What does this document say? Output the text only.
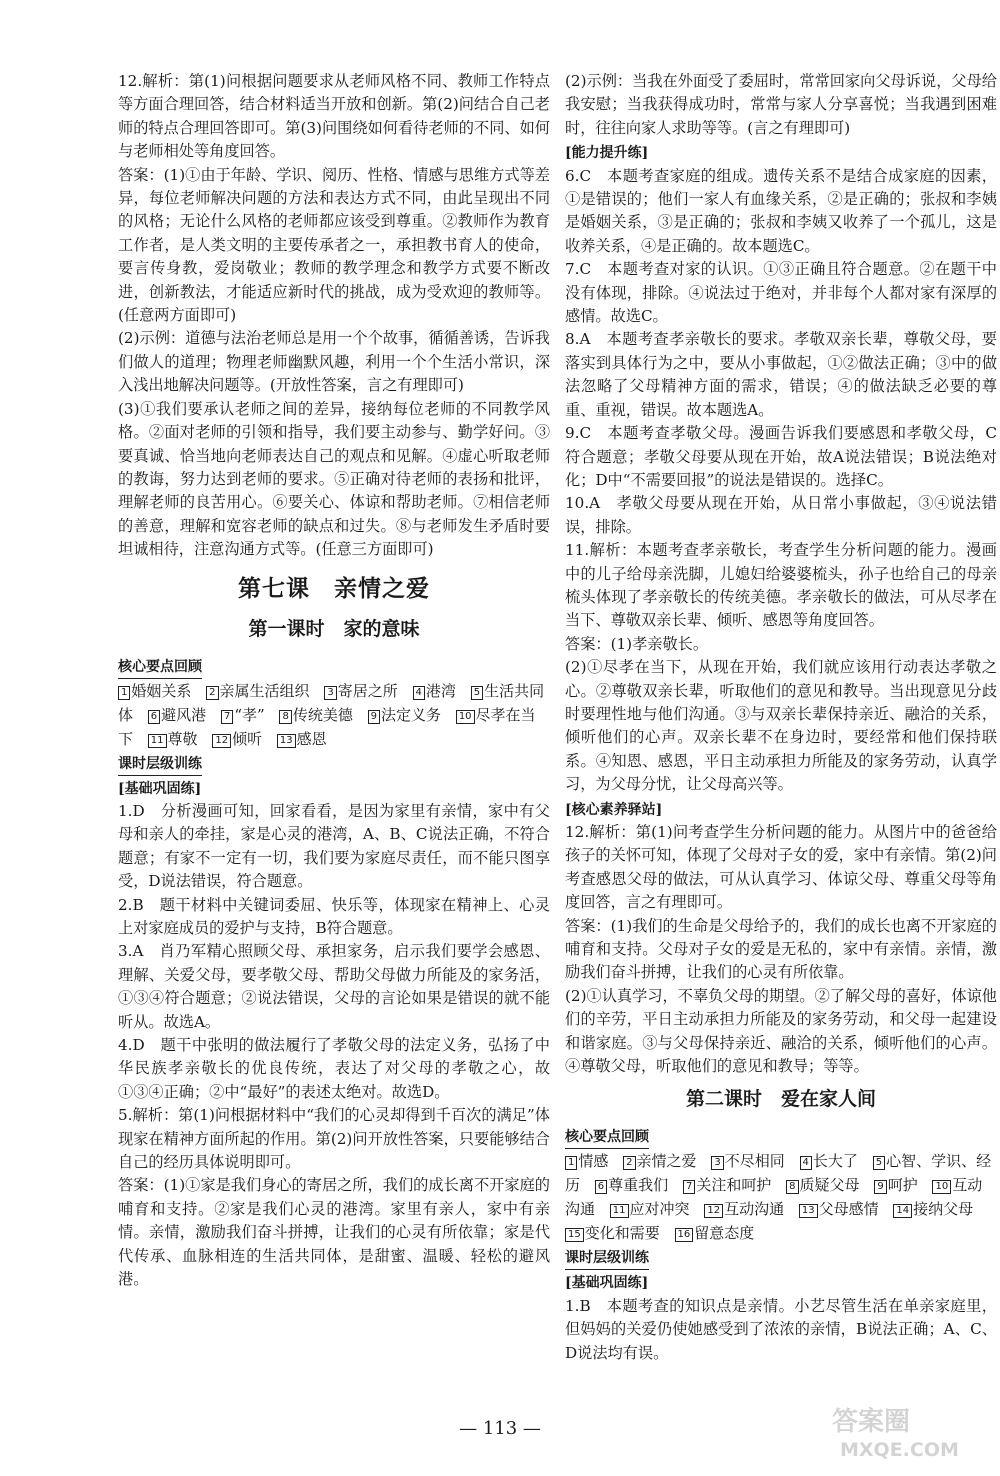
12.解析：第(1)问根据问题要求从老师风格不同、教师工作特点等方面合理回答，结合材料适当开放和创新。第(2)问结合自己老师的特点合理回答即可。第(3)问围绕如何看待老师的不同、如何与老师相处等角度回答。

答案：(1)①由于年龄、学识、阅历、性格、情感与思维方式等差异，每位老师解决问题的方法和表达方式不同，由此呈现出不同的风格；无论什么风格的老师都应该受到尊重。②教师作为教育工作者，是人类文明的主要传承者之一，承担教书育人的使命，要言传身教，爱岗敬业；教师的教学理念和教学方式要不断改进，创新教法，才能适应新时代的挑战，成为受欢迎的教师等。(任意两方面即可)

(2)示例：道德与法治老师总是用一个个故事，循循善诱，告诉我们做人的道理；物理老师幽默风趣，利用一个个生活小常识，深入浅出地解决问题等。(开放性答案，言之有理即可)

(3)①我们要承认老师之间的差异，接纳每位老师的不同教学风格。②面对老师的引领和指导，我们要主动参与、勤学好问。③要真诚、恰当地向老师表达自己的观点和见解。④虚心听取老师的教诲，努力达到老师的要求。⑤正确对待老师的表扬和批评，理解老师的良苦用心。⑥要关心、体谅和帮助老师。⑦相信老师的善意，理解和宽容老师的缺点和过失。⑧与老师发生矛盾时要坦诚相待，注意沟通方式等。(任意三方面即可)

第七课　亲情之爱
第一课时　家的意味
核心要点回顾
1 婚姻关系 2 亲属生活组织 3 寄居之所 4 港湾 5 生活共同体 6 避风港 7 “孝” 8 传统美德 9 法定义务 10 尽孝在当下 11 尊敬 12 倾听 13 感恩
课时层级训练
[基础巩固练]

1.D　分析漫画可知，回家看看，是因为家里有亲情，家中有父母和亲人的牵挂，家是心灵的港湾，A、B、C说法正确，不符合题意；有家不一定有一切，我们要为家庭尽责任，而不能只图享受，D说法错误，符合题意。

2.B　题干材料中关键词委屈、快乐等，体现家在精神上、心灵上对家庭成员的爱护与支持，B符合题意。

3.A　肖乃军精心照顾父母、承担家务，启示我们要学会感恩、理解、关爱父母，要孝敬父母、帮助父母做力所能及的家务活，①③④符合题意；②说法错误，父母的言论如果是错误的就不能听从。故选A。

4.D　题干中张明的做法履行了孝敬父母的法定义务，弘扬了中华民族孝亲敬长的优良传统，表达了对父母的孝敬之心，故①③④正确；②中“最好”的表述太绝对。故选D。

5.解析：第(1)问根据材料中“我们的心灵却得到千百次的满足”体现家在精神方面所起的作用。第(2)问开放性答案，只要能够结合自己的经历具体说明即可。

答案：(1)①家是我们身心的寄居之所，我们的成长离不开家庭的哺育和支持。②家是我们心灵的港湾。家里有亲人，家中有亲情。亲情，激励我们奋斗拼搏，让我们的心灵有所依靠；家是代代传承、血脉相连的生活共同体，是甜蜜、温暖、轻松的避风港。

(2)示例：当我在外面受了委屈时，常常回家向父母诉说，父母给我安慰；当我获得成功时，常常与家人分享喜悦；当我遇到困难时，往往向家人求助等等。(言之有理即可)

[能力提升练]

6.C　本题考查家庭的组成。遗传关系不是结合成家庭的因素，①是错误的；他们一家人有血缘关系，②是正确的；张叔和李姨是婚姻关系，③是正确的；张叔和李姨又收养了一个孤儿，这是收养关系，④是正确的。故本题选C。

7.C　本题考查对家的认识。①③正确且符合题意。②在题干中没有体现，排除。④说法过于绝对，并非每个人都对家有深厚的感情。故选C。

8.A　本题考查孝亲敬长的要求。孝敬双亲长辈，尊敬父母，要落实到具体行为之中，要从小事做起，①②做法正确；③中的做法忽略了父母精神方面的需求，错误；④的做法缺乏必要的尊重、重视，错误。故本题选A。

9.C　本题考查孝敬父母。漫画告诉我们要感恩和孝敬父母，C符合题意；孝敬父母要从现在开始，故A说法错误；B说法绝对化；D中“不需要回报”的说法是错误的。选择C。

10.A　孝敬父母要从现在开始，从日常小事做起，③④说法错误，排除。

11.解析：本题考查孝亲敬长，考查学生分析问题的能力。漫画中的儿子给母亲洗脚，儿媳妇给婆婆梳头，孙子也给自己的母亲梳头体现了孝亲敬长的传统美德。孝亲敬长的做法，可从尽孝在当下、尊敬双亲长辈、倾听、感恩等角度回答。

答案：(1)孝亲敬长。

(2)①尽孝在当下，从现在开始，我们就应该用行动表达孝敬之心。②尊敬双亲长辈，听取他们的意见和教导。当出现意见分歧时要理性地与他们沟通。③与双亲长辈保持亲近、融洽的关系，倾听他们的心声。双亲长辈不在身边时，要经常和他们保持联系。④知恩、感恩，平日主动承担力所能及的家务劳动，认真学习，为父母分忧，让父母高兴等。

[核心素养驿站]

12.解析：第(1)问考查学生分析问题的能力。从图片中的爸爸给孩子的关怀可知，体现了父母对子女的爱，家中有亲情。第(2)问考查感恩父母的做法，可从认真学习、体谅父母、尊重父母等角度回答，言之有理即可。

答案：(1)我们的生命是父母给予的，我们的成长也离不开家庭的哺育和支持。父母对子女的爱是无私的，家中有亲情。亲情，激励我们奋斗拼搏，让我们的心灵有所依靠。

(2)①认真学习，不辜负父母的期望。②了解父母的喜好，体谅他们的辛劳，平日主动承担力所能及的家务劳动，和父母一起建设和谐家庭。③与父母保持亲近、融洽的关系，倾听他们的心声。④尊敬父母，听取他们的意见和教导；等等。

第二课时　爱在家人间
核心要点回顾
1 情感 2 亲情之爱 3 不尽相同 4 长大了 5 心智、学识、经历 6 尊重我们 7 关注和呵护 8 质疑父母 9 呵护 10 互动沟通 11 应对冲突 12 互动沟通 13 父母感情 14 接纳父母 15 变化和需要 16 留意态度
课时层级训练
[基础巩固练]

1.B　本题考查的知识点是亲情。小艺尽管生活在单亲家庭里，但妈妈的关爱仍使她感受到了浓浓的亲情，B说法正确；A、C、D说法均有误。

— 113 —	答案圈
MXQE.COM
